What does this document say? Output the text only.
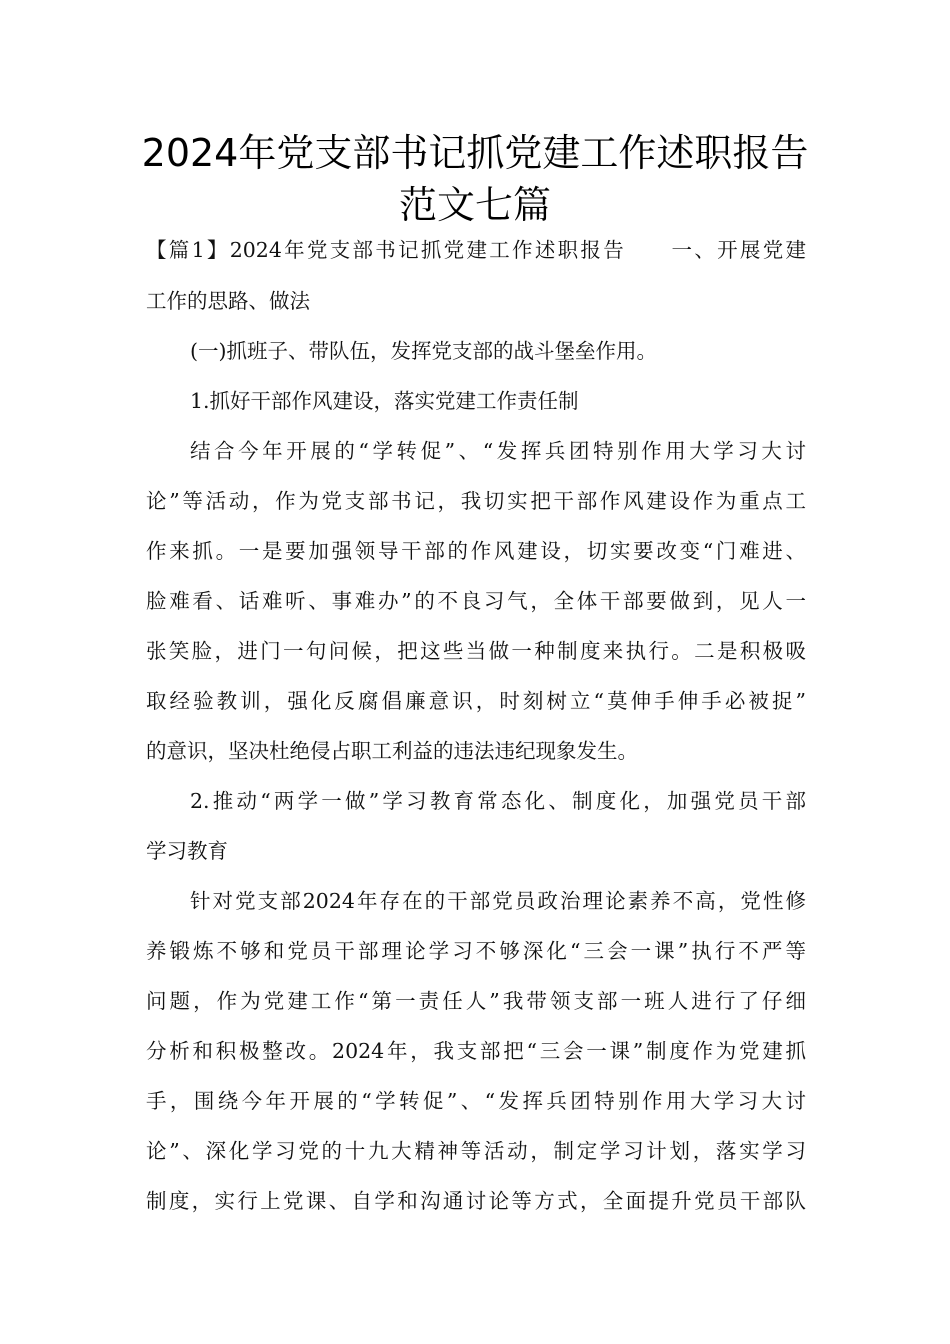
2024年党支部书记抓党建工作述职报告
范文七篇
【篇1】2024年党支部书记抓党建工作述职报告　　一、开展党建
工作的思路、做法
(一)抓班子、带队伍，发挥党支部的战斗堡垒作用。
1.抓好干部作风建设，落实党建工作责任制
结合今年开展的“学转促”、“发挥兵团特别作用大学习大讨
论”等活动，作为党支部书记，我切实把干部作风建设作为重点工
作来抓。一是要加强领导干部的作风建设，切实要改变“门难进、
脸难看、话难听、事难办”的不良习气，全体干部要做到，见人一
张笑脸，进门一句问候，把这些当做一种制度来执行。二是积极吸
取经验教训，强化反腐倡廉意识，时刻树立“莫伸手伸手必被捉”
的意识，坚决杜绝侵占职工利益的违法违纪现象发生。
2.推动“两学一做”学习教育常态化、制度化，加强党员干部
学习教育
针对党支部2024年存在的干部党员政治理论素养不高，党性修
养锻炼不够和党员干部理论学习不够深化“三会一课”执行不严等
问题，作为党建工作“第一责任人”我带领支部一班人进行了仔细
分析和积极整改。2024年，我支部把“三会一课”制度作为党建抓
手，围绕今年开展的“学转促”、“发挥兵团特别作用大学习大讨
论”、深化学习党的十九大精神等活动，制定学习计划，落实学习
制度，实行上党课、自学和沟通讨论等方式，全面提升党员干部队
